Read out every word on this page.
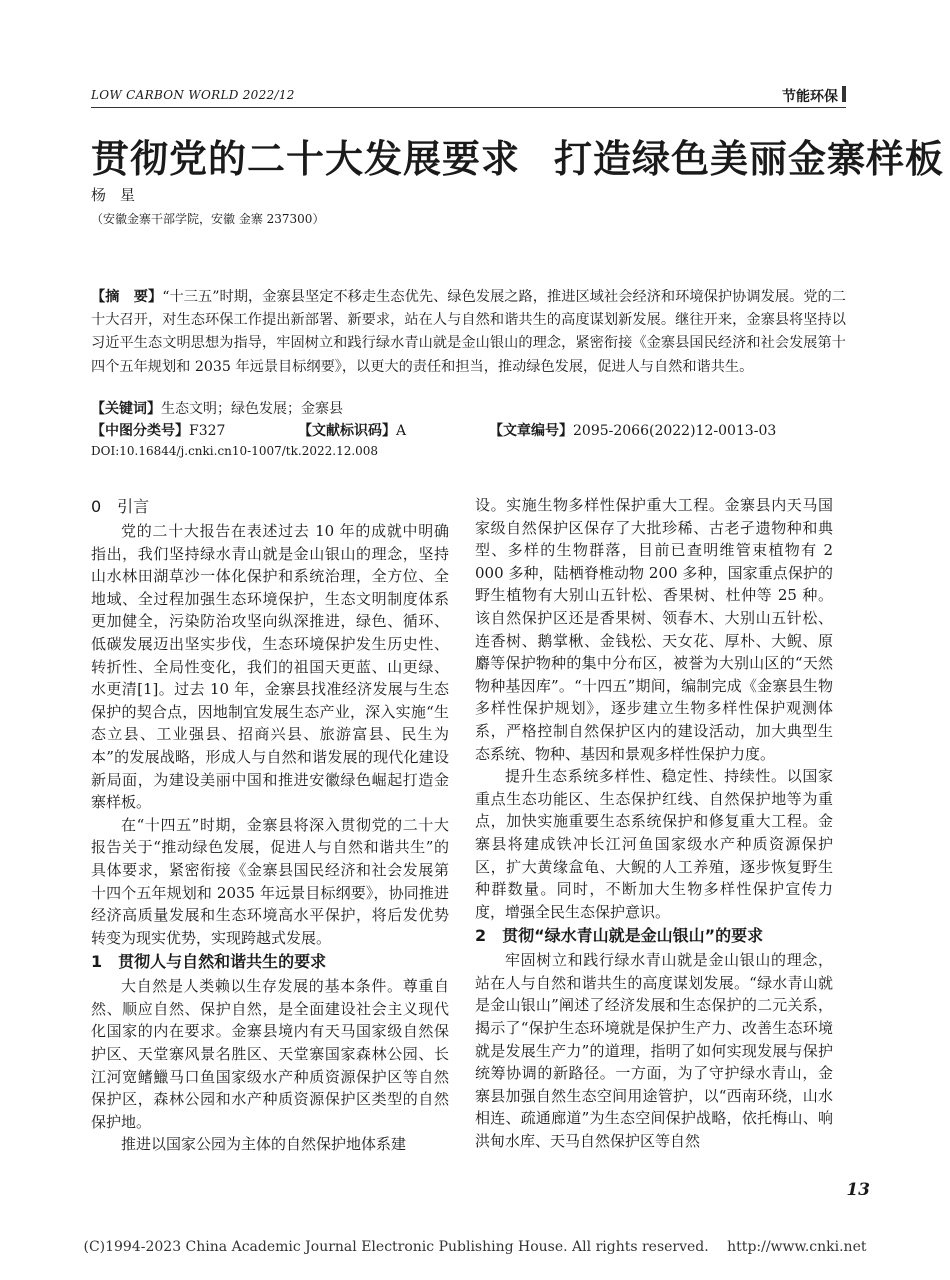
LOW CARBON WORLD 2022/12	节能环保
贯彻党的二十大发展要求 打造绿色美丽金寨样板
杨星
（安徽金寨干部学院，安徽 金寨 237300）
【摘　要】“十三五”时期，金寨县坚定不移走生态优先、绿色发展之路，推进区域社会经济和环境保护协调发展。党的二十大召开，对生态环保工作提出新部署、新要求，站在人与自然和谐共生的高度谋划新发展。继往开来，金寨县将坚持以习近平生态文明思想为指导，牢固树立和践行绿水青山就是金山银山的理念，紧密衔接《金寨县国民经济和社会发展第十四个五年规划和 2035 年远景目标纲要》，以更大的责任和担当，推动绿色发展，促进人与自然和谐共生。
【关键词】生态文明；绿色发展；金寨县
【中图分类号】F327	【文献标识码】A	【文章编号】2095-2066(2022)12-0013-03
DOI:10.16844/j.cnki.cn10-1007/tk.2022.12.008
0　引言

党的二十大报告在表述过去 10 年的成就中明确指出，我们坚持绿水青山就是金山银山的理念，坚持山水林田湖草沙一体化保护和系统治理，全方位、全地域、全过程加强生态环境保护，生态文明制度体系更加健全，污染防治攻坚向纵深推进，绿色、循环、低碳发展迈出坚实步伐，生态环境保护发生历史性、转折性、全局性变化，我们的祖国天更蓝、山更绿、水更清[1]。过去 10 年，金寨县找准经济发展与生态保护的契合点，因地制宜发展生态产业，深入实施“生态立县、工业强县、招商兴县、旅游富县、民生为本”的发展战略，形成人与自然和谐发展的现代化建设新局面，为建设美丽中国和推进安徽绿色崛起打造金寨样板。

在“十四五”时期，金寨县将深入贯彻党的二十大报告关于“推动绿色发展，促进人与自然和谐共生”的具体要求，紧密衔接《金寨县国民经济和社会发展第十四个五年规划和 2035 年远景目标纲要》，协同推进经济高质量发展和生态环境高水平保护，将后发优势转变为现实优势，实现跨越式发展。

1　贯彻人与自然和谐共生的要求

大自然是人类赖以生存发展的基本条件。尊重自然、顺应自然、保护自然，是全面建设社会主义现代化国家的内在要求。金寨县境内有天马国家级自然保护区、天堂寨风景名胜区、天堂寨国家森林公园、长江河宽鳍鱲马口鱼国家级水产种质资源保护区等自然保护区，森林公园和水产种质资源保护区类型的自然保护地。

推进以国家公园为主体的自然保护地体系建

设。实施生物多样性保护重大工程。金寨县内天马国家级自然保护区保存了大批珍稀、古老孑遗物种和典型、多样的生物群落，目前已查明维管束植物有 2 000 多种，陆栖脊椎动物 200 多种，国家重点保护的野生植物有大别山五针松、香果树、杜仲等 25 种。该自然保护区还是香果树、领春木、大别山五针松、连香树、鹅掌楸、金钱松、天女花、厚朴、大鲵、原麝等保护物种的集中分布区，被誉为大别山区的“天然物种基因库”。“十四五”期间，编制完成《金寨县生物多样性保护规划》，逐步建立生物多样性保护观测体系，严格控制自然保护区内的建设活动，加大典型生态系统、物种、基因和景观多样性保护力度。

提升生态系统多样性、稳定性、持续性。以国家重点生态功能区、生态保护红线、自然保护地等为重点，加快实施重要生态系统保护和修复重大工程。金寨县将建成铁冲长江河鱼国家级水产种质资源保护区，扩大黄缘盒龟、大鲵的人工养殖，逐步恢复野生种群数量。同时，不断加大生物多样性保护宣传力度，增强全民生态保护意识。

2　贯彻“绿水青山就是金山银山”的要求

牢固树立和践行绿水青山就是金山银山的理念，站在人与自然和谐共生的高度谋划发展。“绿水青山就是金山银山”阐述了经济发展和生态保护的二元关系，揭示了“保护生态环境就是保护生产力、改善生态环境就是发展生产力”的道理，指明了如何实现发展与保护统筹协调的新路径。一方面，为了守护绿水青山，金寨县加强自然生态空间用途管护，以“西南环绕，山水相连、疏通廊道”为生态空间保护战略，依托梅山、响洪甸水库、天马自然保护区等自然

13
(C)1994-2023 China Academic Journal Electronic Publishing House. All rights reserved.　 http://www.cnki.net
